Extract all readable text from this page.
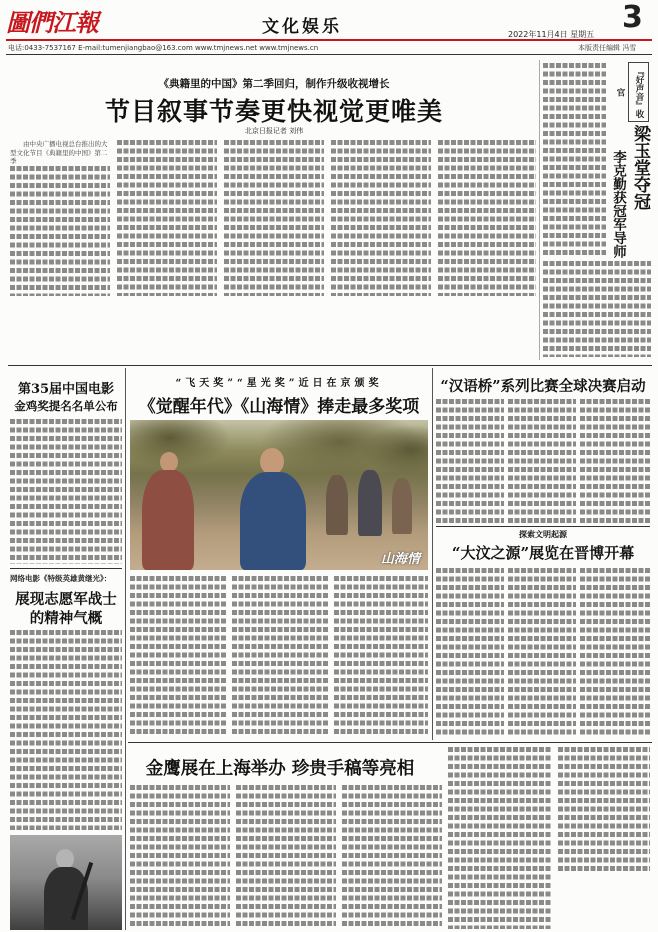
圖們江報	文化娱乐	3
2022年11月4日 星期五
电话:0433-7537167 E-mail:tumenjiangbao@163.com www.tmjnews.net www.tmjnews.cn	本版责任编辑 冯雪
《典籍里的中国》第二季回归，制作升级收视增长
节目叙事节奏更快视觉更唯美
北京日报记者 刘伟

由中央广播电视总台推出的大型文化节目《典籍里的中国》第二季

『好声音』收官
梁玉堂夺冠
李克勤获冠军导师
第35届中国电影
金鸡奖提名名单公布
网络电影《特级英雄黄继光》：
展现志愿军战士
的精神气概
“飞天奖”“星光奖”近日在京颁奖
《觉醒年代》《山海情》捧走最多奖项
山海情
“汉语桥”系列比赛全球决赛启动
探索文明起源
“大汶之源”展览在晋博开幕
金鹰展在上海举办 珍贵手稿等亮相
